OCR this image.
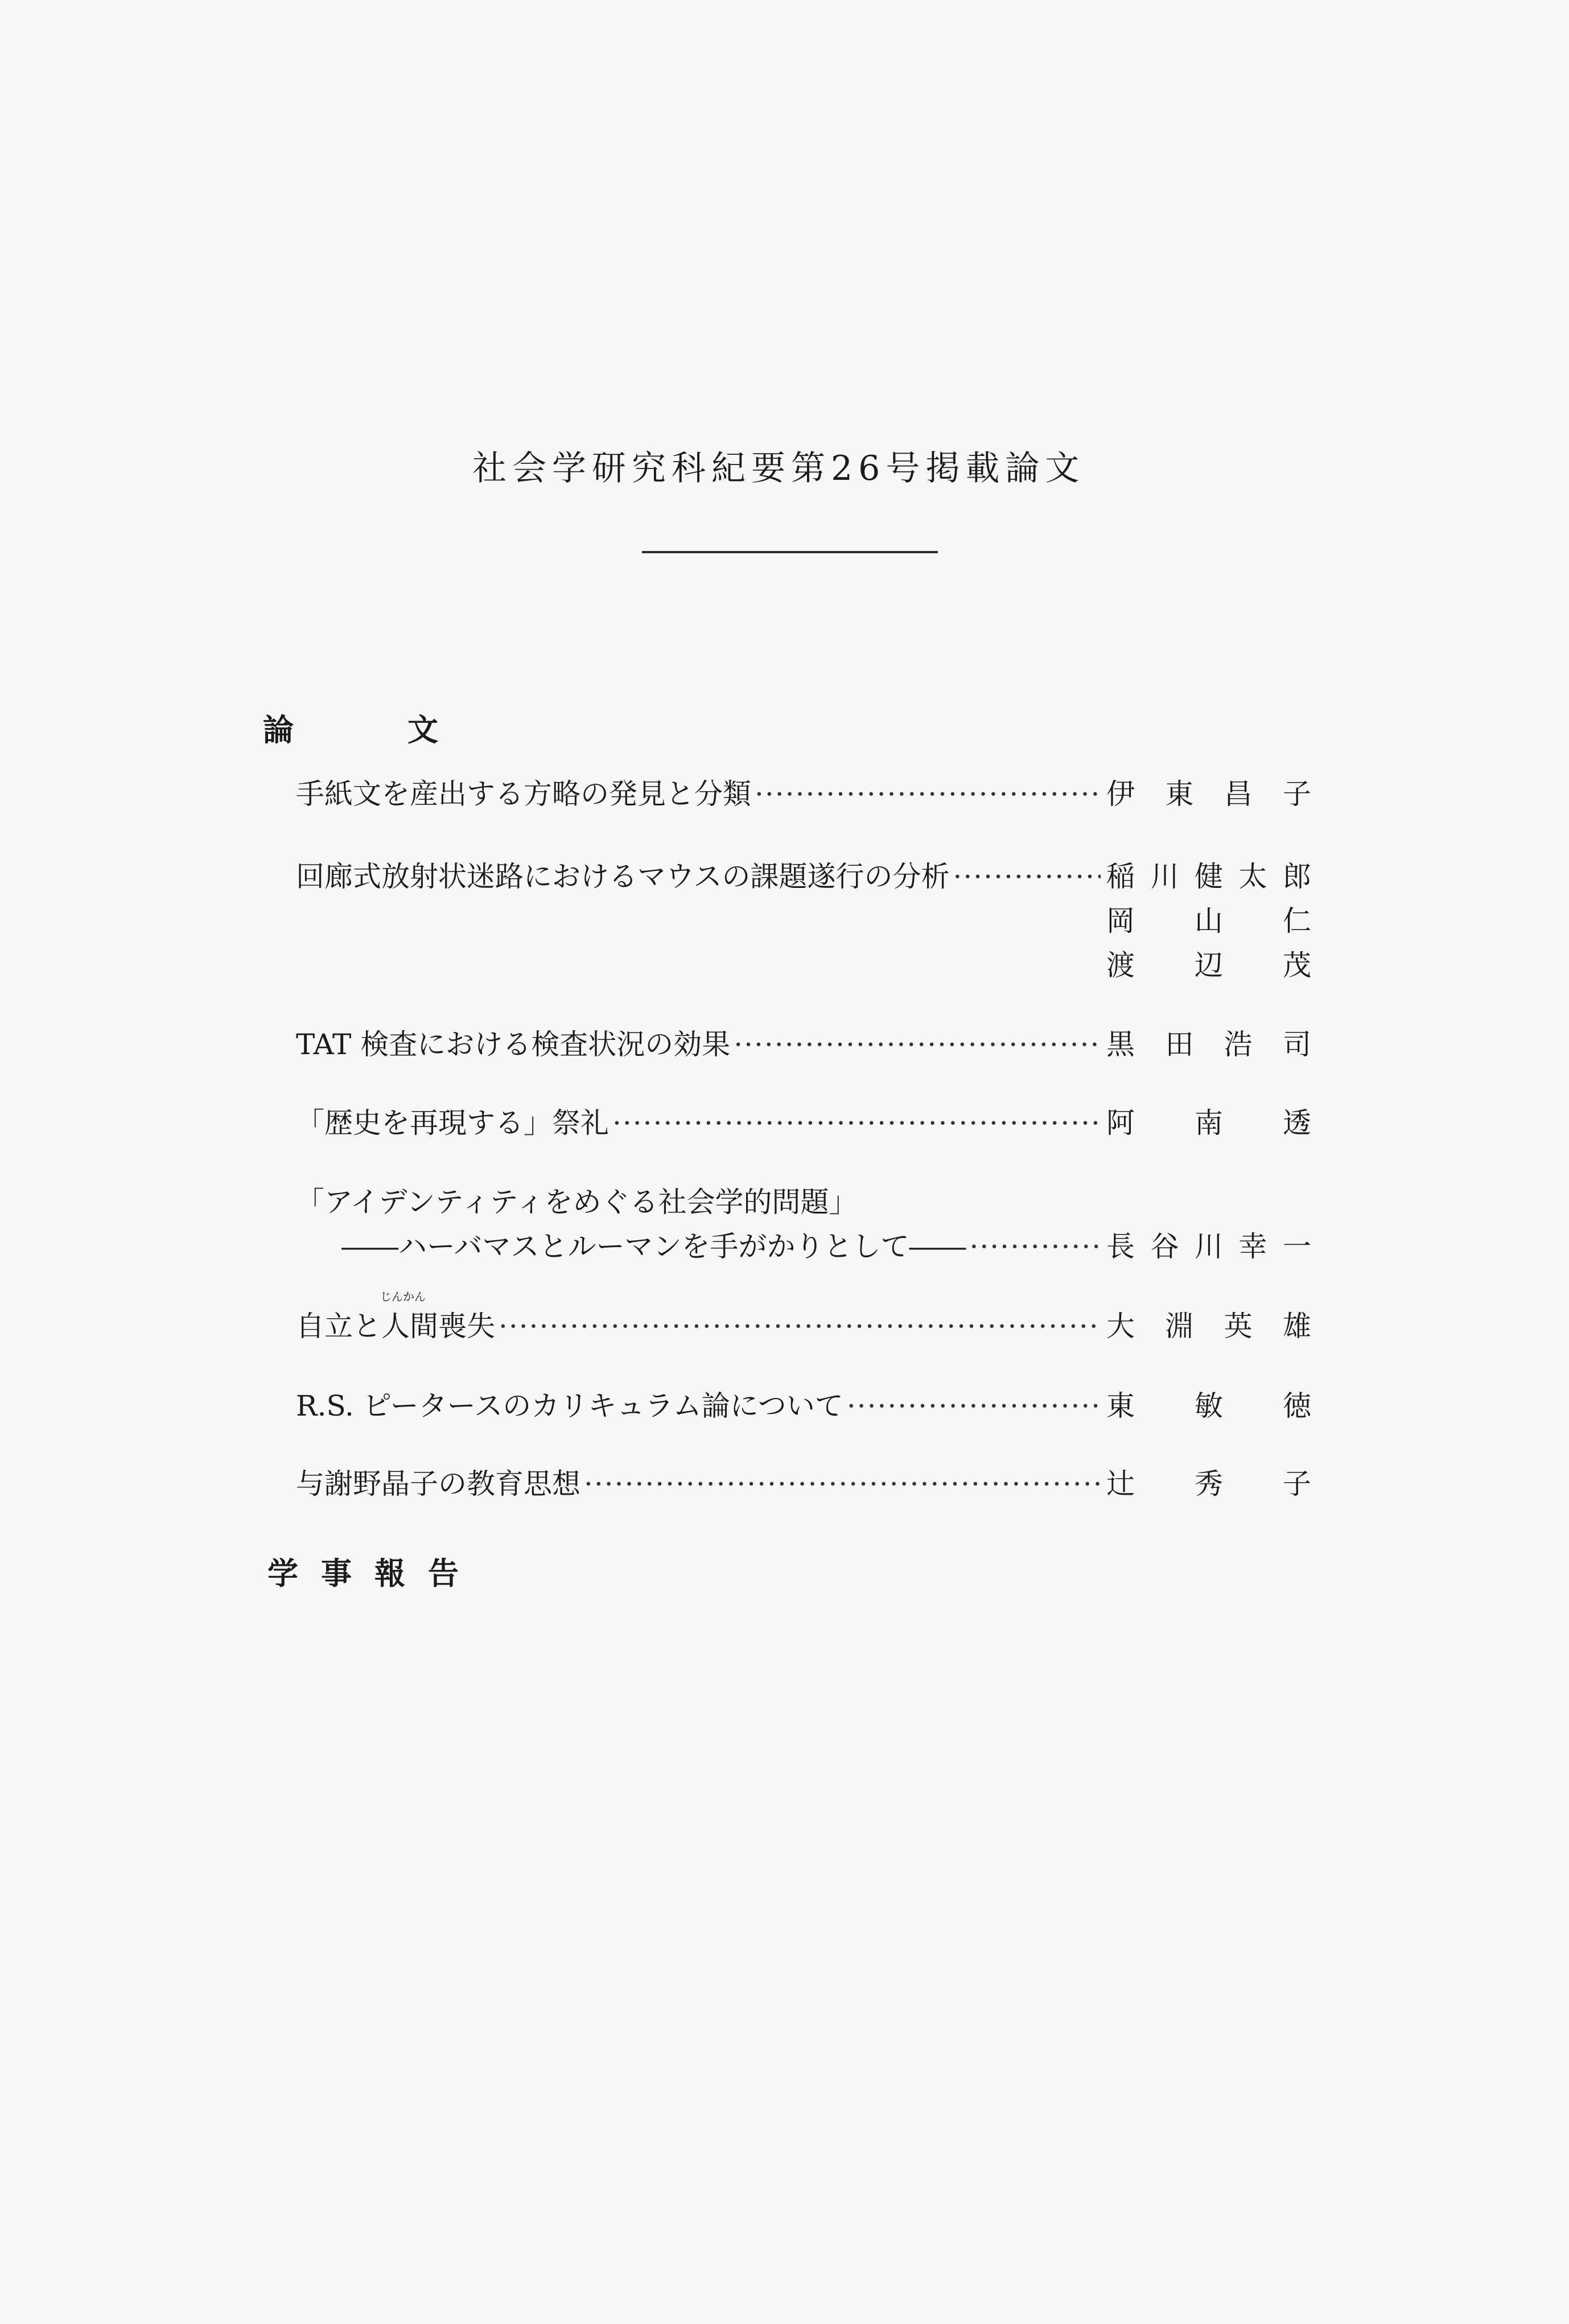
社会学研究科紀要第26号掲載論文
論文
手紙文を産出する方略の発見と分類 ·····	伊 東 昌 子
回廊式放射状迷路におけるマウスの課題遂行の分析 ·····	稲 川 健 太 郎
岡 山 仁
渡 辺 茂
TAT 検査における検査状況の効果 ·····	黒 田 浩 司
「歴史を再現する」祭礼 ·····	阿 南 透
「アイデンティティをめぐる社会学的問題」
――ハーバマスとルーマンを手がかりとして―― ·····	長 谷 川 幸 一
じんかん
自立と人間喪失 ·····	大 淵 英 雄
R.S. ピータースのカリキュラム論について ·····	東 敏 徳
与謝野晶子の教育思想 ·····	辻 秀 子
学事報告
